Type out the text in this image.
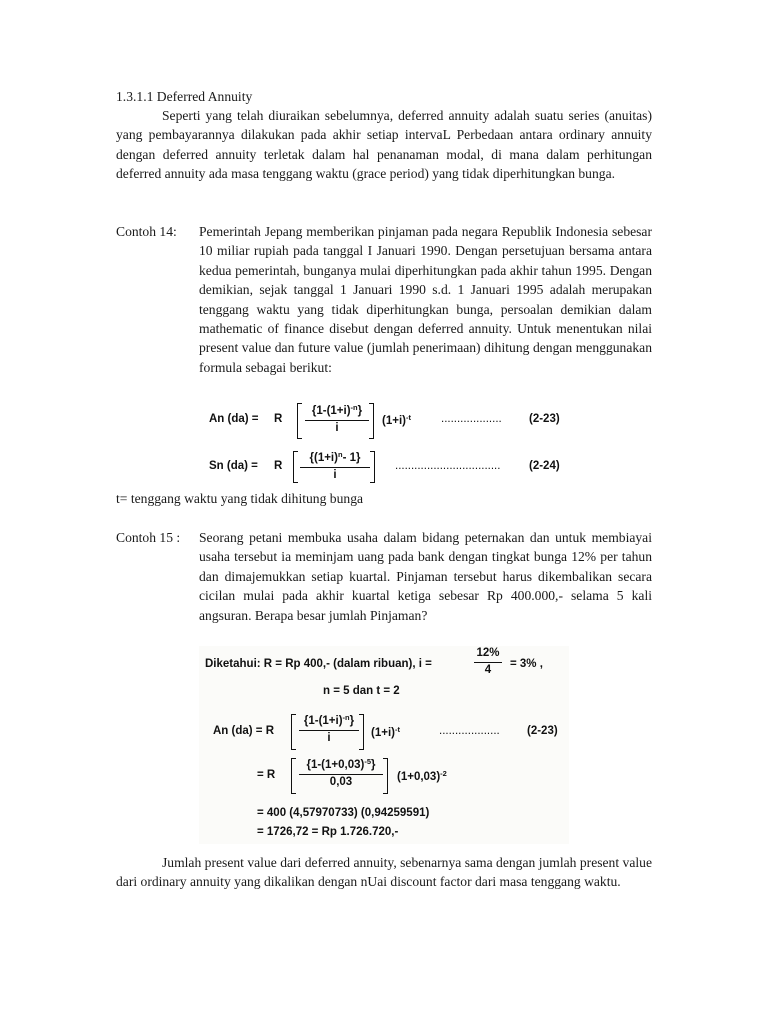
1.3.1.1 Deferred Annuity
Seperti yang telah diuraikan sebelumnya, deferred annuity adalah suatu series (anuitas) yang pembayarannya dilakukan pada akhir setiap intervaL Perbedaan antara ordinary annuity dengan deferred annuity terletak dalam hal penanaman modal, di mana dalam perhitungan deferred annuity ada masa tenggang waktu (grace period) yang tidak diperhitungkan bunga.
Contoh 14: Pemerintah Jepang memberikan pinjaman pada negara Republik Indonesia sebesar 10 miliar rupiah pada tanggal I Januari 1990. Dengan persetujuan bersama antara kedua pemerintah, bunganya mulai diperhitungkan pada akhir tahun 1995. Dengan demikian, sejak tanggal 1 Januari 1990 s.d. 1 Januari 1995 adalah merupakan tenggang waktu yang tidak diperhitungkan bunga, persoalan demikian dalam mathematic of finance disebut dengan deferred annuity. Untuk menentukan nilai present value dan future value (jumlah penerimaan) dihitung dengan menggunakan formula sebagai berikut:
An (da) = R $\frac{\{1-(1+i)^{-n}\}}{i} (1+i)^{-t}$	................... (2-23)
Sn (da) = R $\frac{\{(1+i)^n- 1\}}{i}$ ................................. (2-24)
t= tenggang waktu yang tidak dihitung bunga
Contoh 15 : Seorang petani membuka usaha dalam bidang peternakan dan untuk membiayai usaha tersebut ia meminjam uang pada bank dengan tingkat bunga 12% per tahun dan dimajemukkan setiap kuartal. Pinjaman tersebut harus dikembalikan secara cicilan mulai pada akhir kuartal ketiga sebesar Rp 400.000,- selama 5 kali angsuran. Berapa besar jumlah Pinjaman?
Diketahui: R = Rp 400,- (dalam ribuan), i =	$\frac{12\%}{4} = 3\%$ ,
n = 5 dan t = 2
An (da) = R $\frac{\{1-(1+i)^{-n}\}}{i} (1+i)^{-t}$	................... (2-23)
= R $\frac{\{1-(1+0,03)^{-5}\}}{0,03} (1+0,03)^{-2}$
= 400 (4,57970733) (0,94259591)
= 1726,72 = Rp 1.726.720,-
Jumlah present value dari deferred annuity, sebenarnya sama dengan jumlah present value dari ordinary annuity yang dikalikan dengan nUai discount factor dari masa tenggang waktu.
